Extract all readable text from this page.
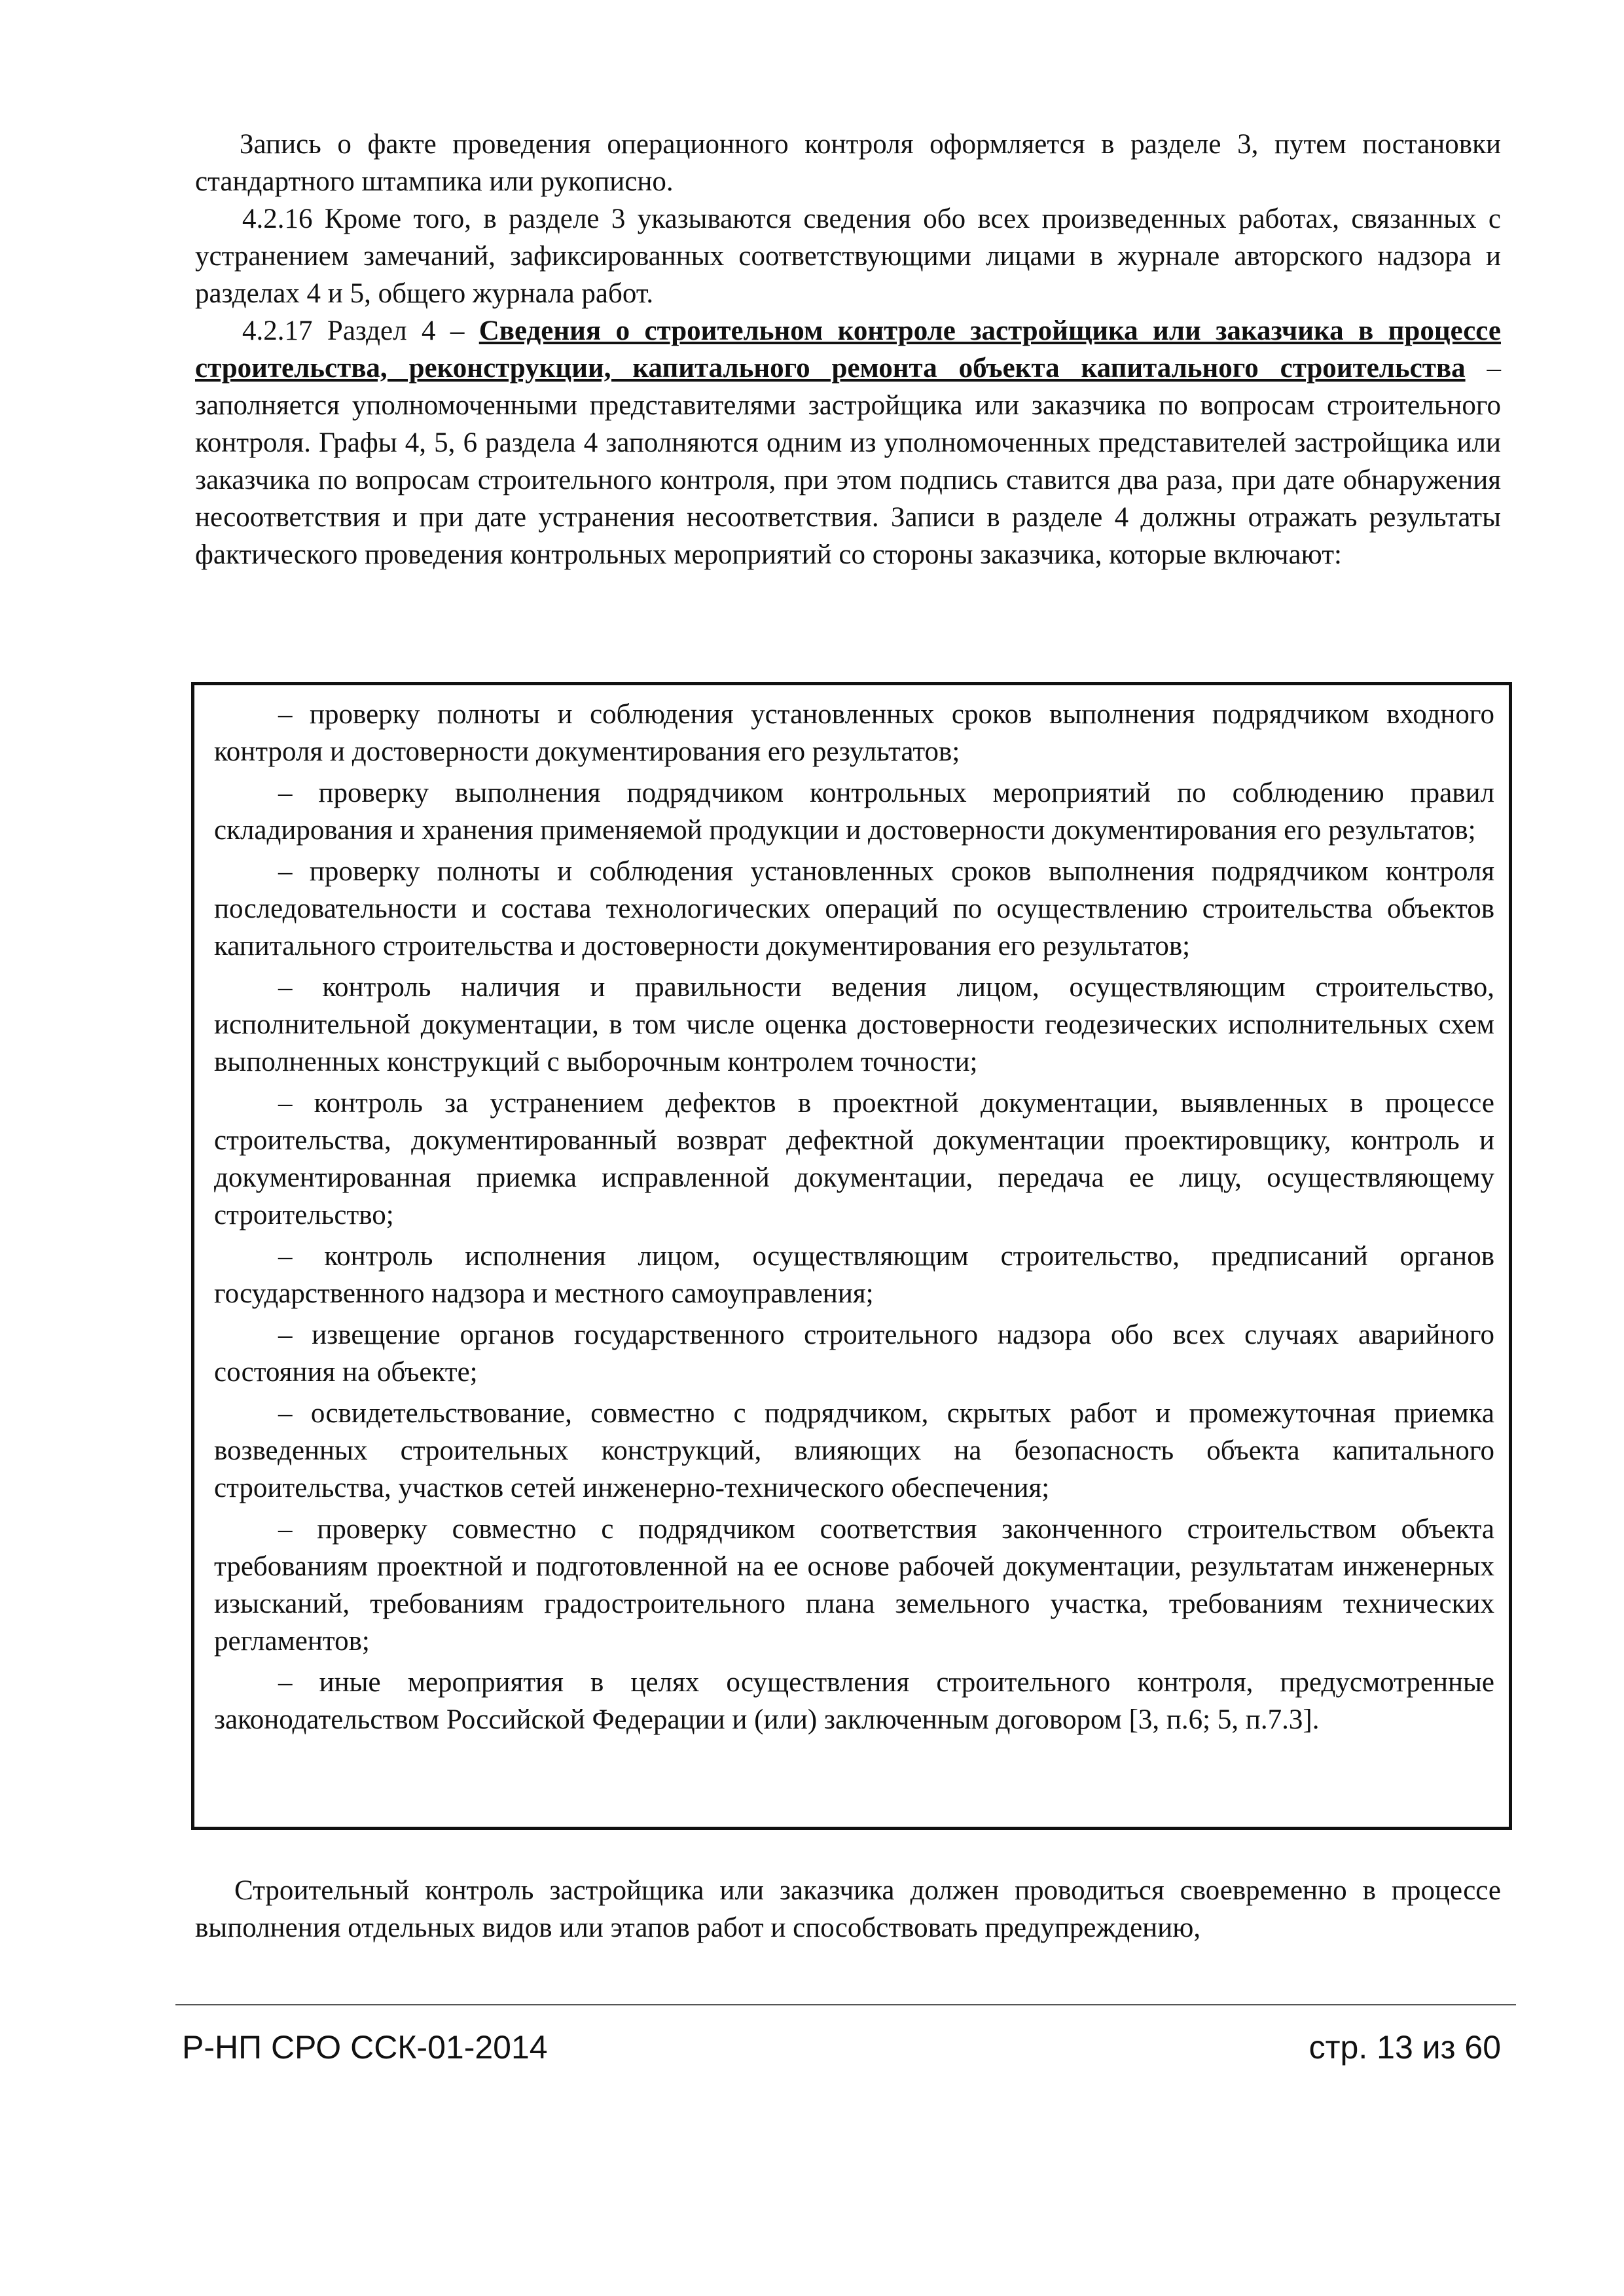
Запись о факте проведения операционного контроля оформляется в разделе 3, путем постановки стандартного штампика или рукописно.

4.2.16 Кроме того, в разделе 3 указываются сведения обо всех произведенных работах, связанных с устранением замечаний, зафиксированных соответствующими лицами в журнале авторского надзора и разделах 4 и 5, общего журнала работ.

4.2.17 Раздел 4 – Сведения о строительном контроле застройщика или заказчика в процессе строительства, реконструкции, капитального ремонта объекта капитального строительства – заполняется уполномоченными представителями застройщика или заказчика по вопросам строительного контроля. Графы 4, 5, 6 раздела 4 заполняются одним из уполномоченных представителей застройщика или заказчика по вопросам строительного контроля, при этом подпись ставится два раза, при дате обнаружения несоответствия и при дате устранения несоответствия. Записи в разделе 4 должны отражать результаты фактического проведения контрольных мероприятий со стороны заказчика, которые включают:

– проверку полноты и соблюдения установленных сроков выполнения подрядчиком входного контроля и достоверности документирования его результатов;

– проверку выполнения подрядчиком контрольных мероприятий по соблюдению правил складирования и хранения применяемой продукции и достоверности документирования его результатов;

– проверку полноты и соблюдения установленных сроков выполнения подрядчиком контроля последовательности и состава технологических операций по осуществлению строительства объектов капитального строительства и достоверности документирования его результатов;

– контроль наличия и правильности ведения лицом, осуществляющим строительство, исполнительной документации, в том числе оценка достоверности геодезических исполнительных схем выполненных конструкций с выборочным контролем точности;

– контроль за устранением дефектов в проектной документации, выявленных в процессе строительства, документированный возврат дефектной документации проектировщику, контроль и документированная приемка исправленной документации, передача ее лицу, осуществляющему строительство;

– контроль исполнения лицом, осуществляющим строительство, предписаний органов государственного надзора и местного самоуправления;

– извещение органов государственного строительного надзора обо всех случаях аварийного состояния на объекте;

– освидетельствование, совместно с подрядчиком, скрытых работ и промежуточная приемка возведенных строительных конструкций, влияющих на безопасность объекта капитального строительства, участков сетей инженерно-технического обеспечения;

– проверку совместно с подрядчиком соответствия законченного строительством объекта требованиям проектной и подготовленной на ее основе рабочей документации, результатам инженерных изысканий, требованиям градостроительного плана земельного участка, требованиям технических регламентов;

– иные мероприятия в целях осуществления строительного контроля, предусмотренные законодательством Российской Федерации и (или) заключенным договором [3, п.6; 5, п.7.3].

Строительный контроль застройщика или заказчика должен проводиться своевременно в процессе выполнения отдельных видов или этапов работ и способствовать предупреждению,

Р-НП СРО ССК-01-2014	стр. 13 из 60
